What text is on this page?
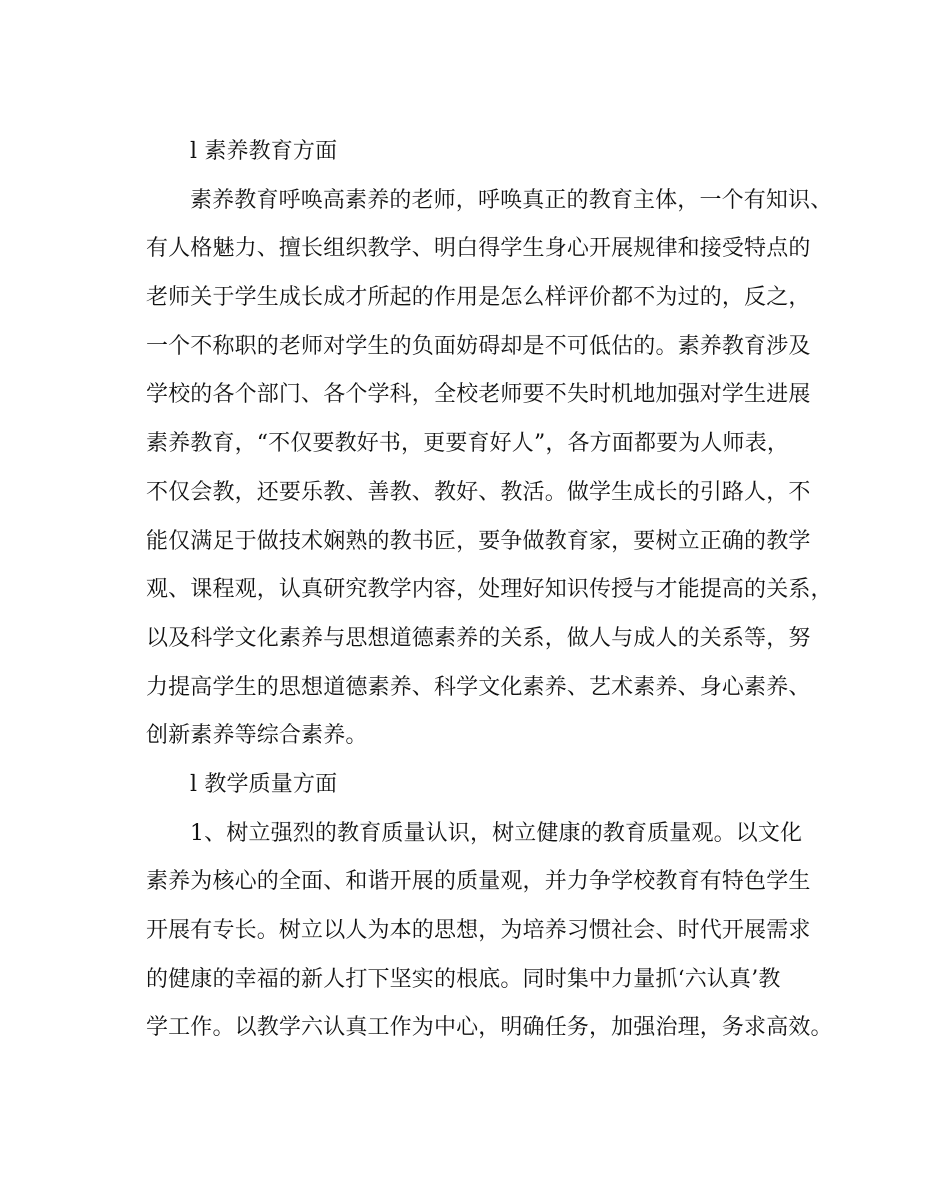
l 素养教育方面
素养教育呼唤高素养的老师，呼唤真正的教育主体，一个有知识、
有人格魅力、擅长组织教学、明白得学生身心开展规律和接受特点的
老师关于学生成长成才所起的作用是怎么样评价都不为过的，反之，
一个不称职的老师对学生的负面妨碍却是不可低估的。素养教育涉及
学校的各个部门、各个学科，全校老师要不失时机地加强对学生进展
素养教育，“不仅要教好书，更要育好人”，各方面都要为人师表，
不仅会教，还要乐教、善教、教好、教活。做学生成长的引路人，不
能仅满足于做技术娴熟的教书匠，要争做教育家，要树立正确的教学
观、课程观，认真研究教学内容，处理好知识传授与才能提高的关系，
以及科学文化素养与思想道德素养的关系，做人与成人的关系等，努
力提高学生的思想道德素养、科学文化素养、艺术素养、身心素养、
创新素养等综合素养。
l 教学质量方面
1、树立强烈的教育质量认识，树立健康的教育质量观。以文化
素养为核心的全面、和谐开展的质量观，并力争学校教育有特色学生
开展有专长。树立以人为本的思想，为培养习惯社会、时代开展需求
的健康的幸福的新人打下坚实的根底。同时集中力量抓‘六认真’教
学工作。以教学六认真工作为中心，明确任务，加强治理，务求高效。
